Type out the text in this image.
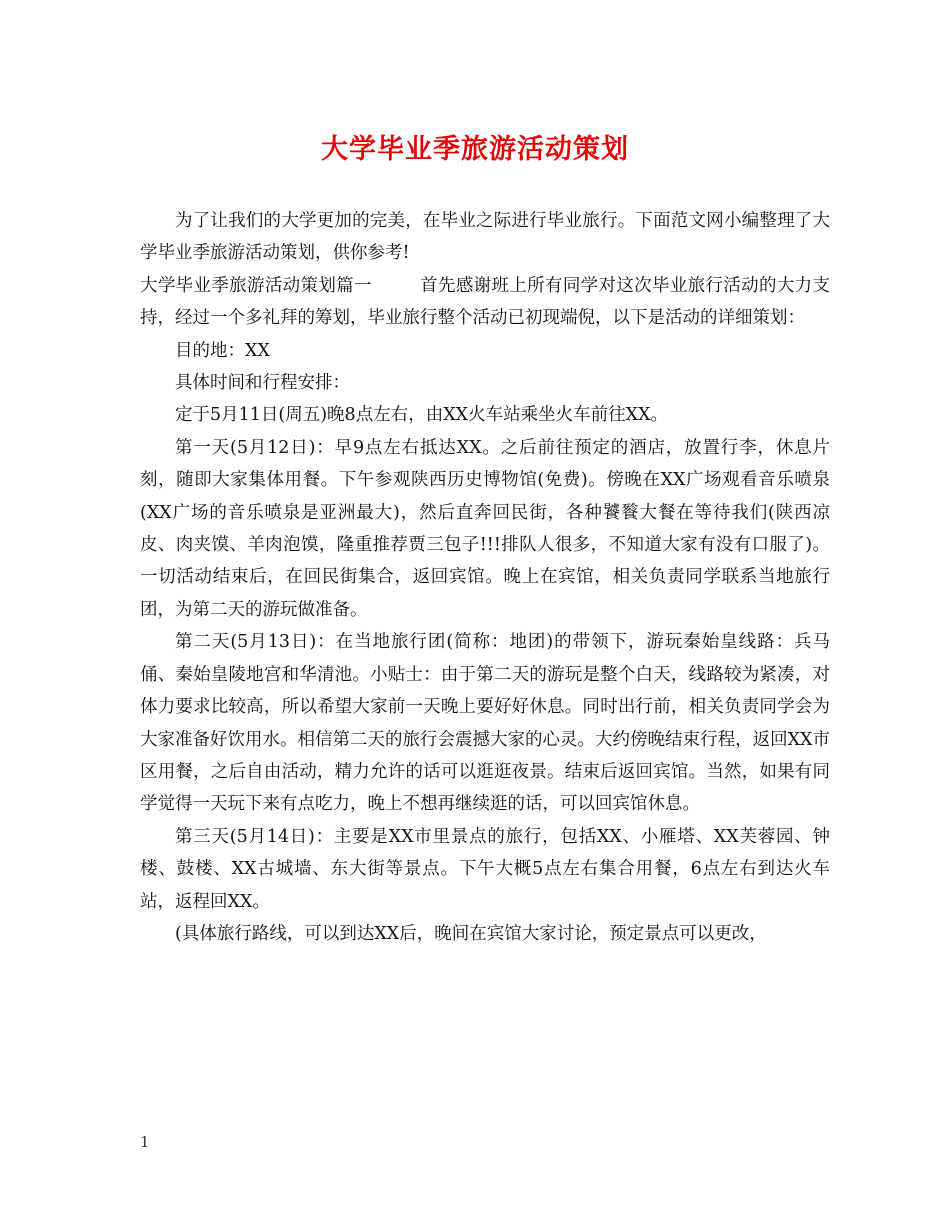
大学毕业季旅游活动策划

为了让我们的大学更加的完美，在毕业之际进行毕业旅行。下面范文网小编整理了大学毕业季旅游活动策划，供你参考!

大学毕业季旅游活动策划篇一	首先感谢班上所有同学对这次毕业旅行活动的大力支持，经过一个多礼拜的筹划，毕业旅行整个活动已初现端倪，以下是活动的详细策划：

目的地：XX

具体时间和行程安排：

定于5月11日(周五)晚8点左右，由XX火车站乘坐火车前往XX。

第一天(5月12日)：早9点左右抵达XX。之后前往预定的酒店，放置行李，休息片刻，随即大家集体用餐。下午参观陕西历史博物馆(免费)。傍晚在XX广场观看音乐喷泉(XX广场的音乐喷泉是亚洲最大)，然后直奔回民街，各种饕餮大餐在等待我们(陕西凉皮、肉夹馍、羊肉泡馍，隆重推荐贾三包子!!!排队人很多，不知道大家有没有口服了)。一切活动结束后，在回民街集合，返回宾馆。晚上在宾馆，相关负责同学联系当地旅行团，为第二天的游玩做准备。

第二天(5月13日)：在当地旅行团(简称：地团)的带领下，游玩秦始皇线路：兵马俑、秦始皇陵地宫和华清池。小贴士：由于第二天的游玩是整个白天，线路较为紧凑，对体力要求比较高，所以希望大家前一天晚上要好好休息。同时出行前，相关负责同学会为大家准备好饮用水。相信第二天的旅行会震撼大家的心灵。大约傍晚结束行程，返回XX市区用餐，之后自由活动，精力允许的话可以逛逛夜景。结束后返回宾馆。当然，如果有同学觉得一天玩下来有点吃力，晚上不想再继续逛的话，可以回宾馆休息。

第三天(5月14日)：主要是XX市里景点的旅行，包括XX、小雁塔、XX芙蓉园、钟楼、鼓楼、XX古城墙、东大街等景点。下午大概5点左右集合用餐，6点左右到达火车站，返程回XX。

(具体旅行路线，可以到达XX后，晚间在宾馆大家讨论，预定景点可以更改，

1
